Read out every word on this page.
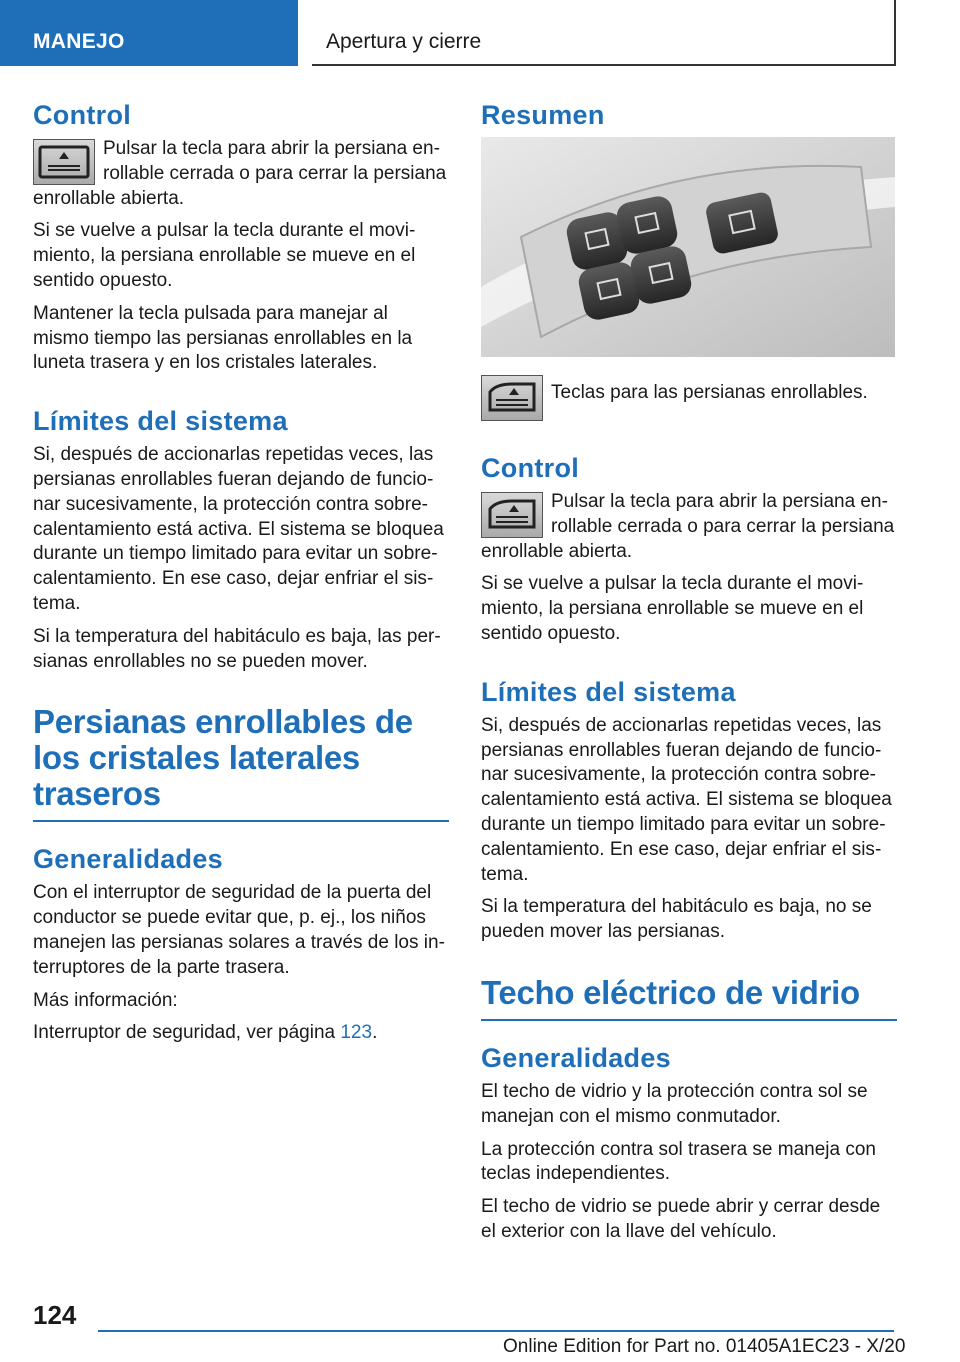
MANEJO	Apertura y cierre
Control

Pulsar la tecla para abrir la persiana enrollable cerrada o para cerrar la persiana enrollable abierta.

Si se vuelve a pulsar la tecla durante el movimiento, la persiana enrollable se mueve en el sentido opuesto.

Mantener la tecla pulsada para manejar al mismo tiempo las persianas enrollables en la luneta trasera y en los cristales laterales.

Límites del sistema

Si, después de accionarlas repetidas veces, las persianas enrollables fueran dejando de funcionar sucesivamente, la protección contra sobrecalentamiento está activa. El sistema se bloquea durante un tiempo limitado para evitar un sobrecalentamiento. En ese caso, dejar enfriar el sistema.

Si la temperatura del habitáculo es baja, las persianas enrollables no se pueden mover.

Persianas enrollables de los cristales laterales traseros
Generalidades

Con el interruptor de seguridad de la puerta del conductor se puede evitar que, p. ej., los niños manejen las persianas solares a través de los interruptores de la parte trasera.

Más información:

Interruptor de seguridad, ver página 123.

Resumen

Teclas para las persianas enrollables.

Control

Pulsar la tecla para abrir la persiana enrollable cerrada o para cerrar la persiana enrollable abierta.

Si se vuelve a pulsar la tecla durante el movimiento, la persiana enrollable se mueve en el sentido opuesto.

Límites del sistema

Si, después de accionarlas repetidas veces, las persianas enrollables fueran dejando de funcionar sucesivamente, la protección contra sobrecalentamiento está activa. El sistema se bloquea durante un tiempo limitado para evitar un sobrecalentamiento. En ese caso, dejar enfriar el sistema.

Si la temperatura del habitáculo es baja, no se pueden mover las persianas.

Techo eléctrico de vidrio
Generalidades

El techo de vidrio y la protección contra sol se manejan con el mismo conmutador.

La protección contra sol trasera se maneja con teclas independientes.

El techo de vidrio se puede abrir y cerrar desde el exterior con la llave del vehículo.

124
Online Edition for Part no. 01405A1EC23 - X/20
